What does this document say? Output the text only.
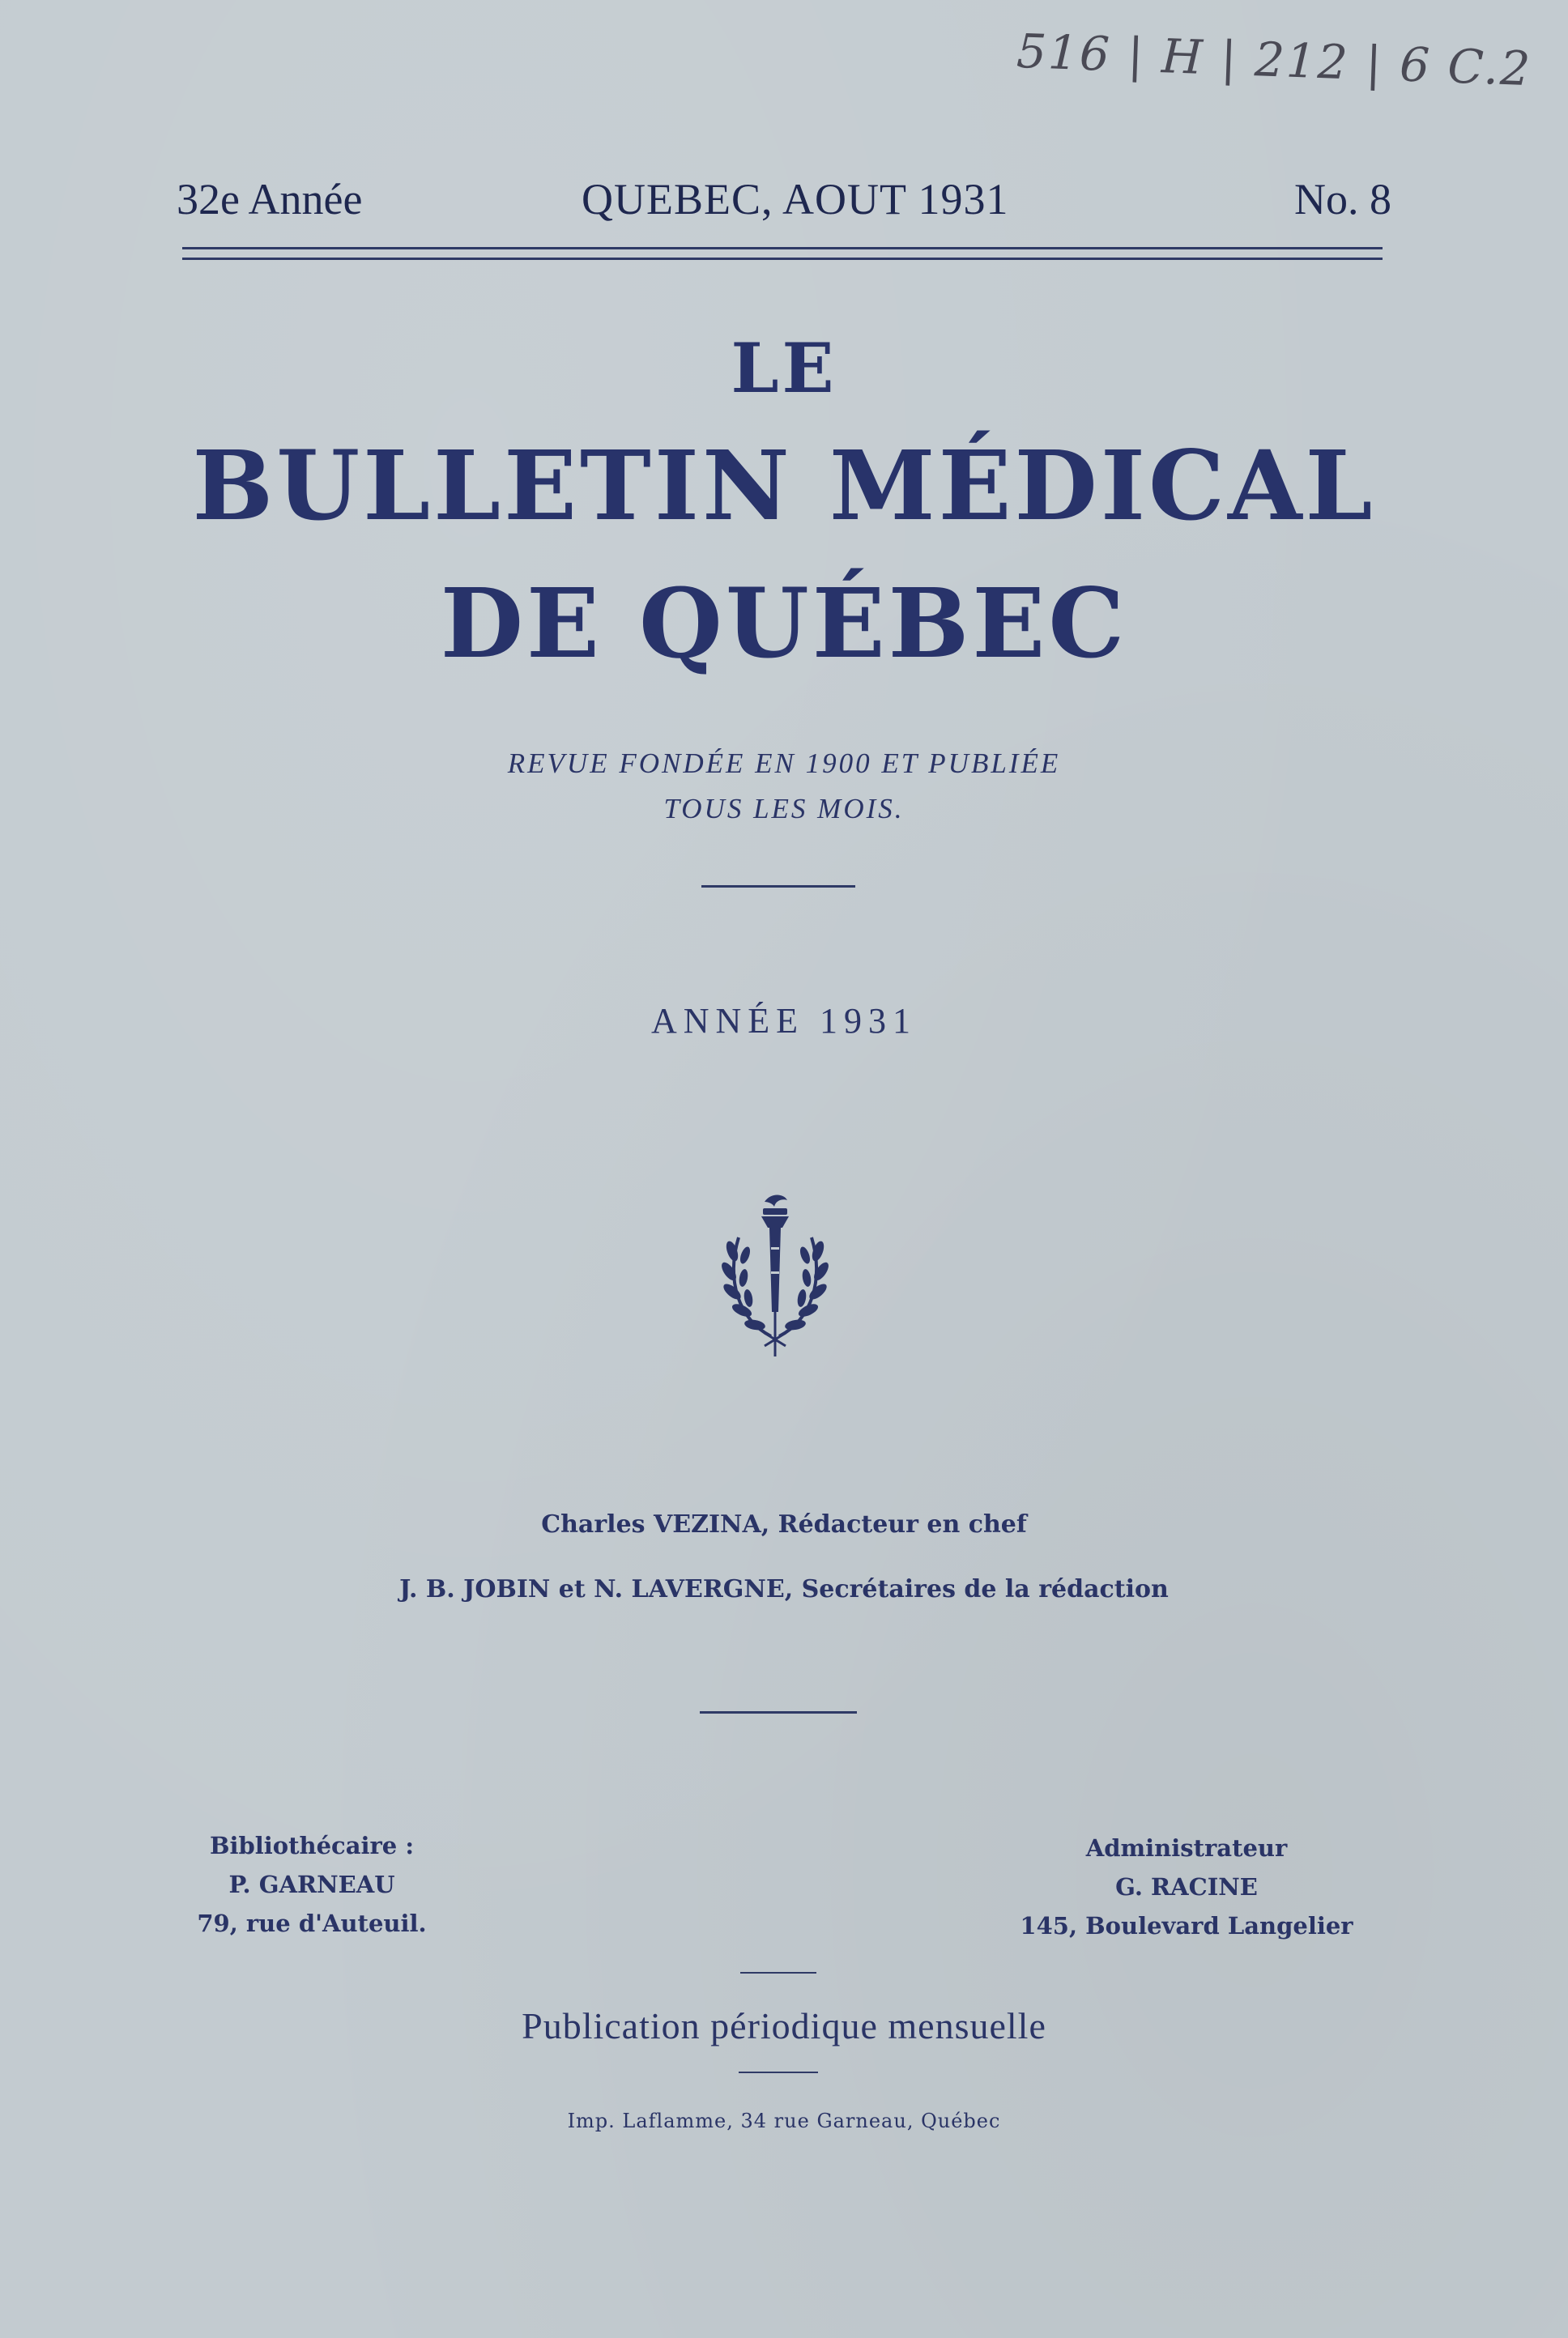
516 | H | 212 | 6 C.2
32e Année	QUEBEC, AOUT 1931	No. 8
LE
BULLETIN MÉDICAL
DE QUÉBEC
REVUE FONDÉE EN 1900 ET PUBLIÉE
TOUS LES MOIS.
ANNÉE 1931
Charles VEZINA, Rédacteur en chef
J. B. JOBIN et N. LAVERGNE, Secrétaires de la rédaction
Bibliothécaire :
P. GARNEAU
79, rue d'Auteuil.
Administrateur
G. RACINE
145, Boulevard Langelier
Publication périodique mensuelle
Imp. Laflamme, 34 rue Garneau, Québec
